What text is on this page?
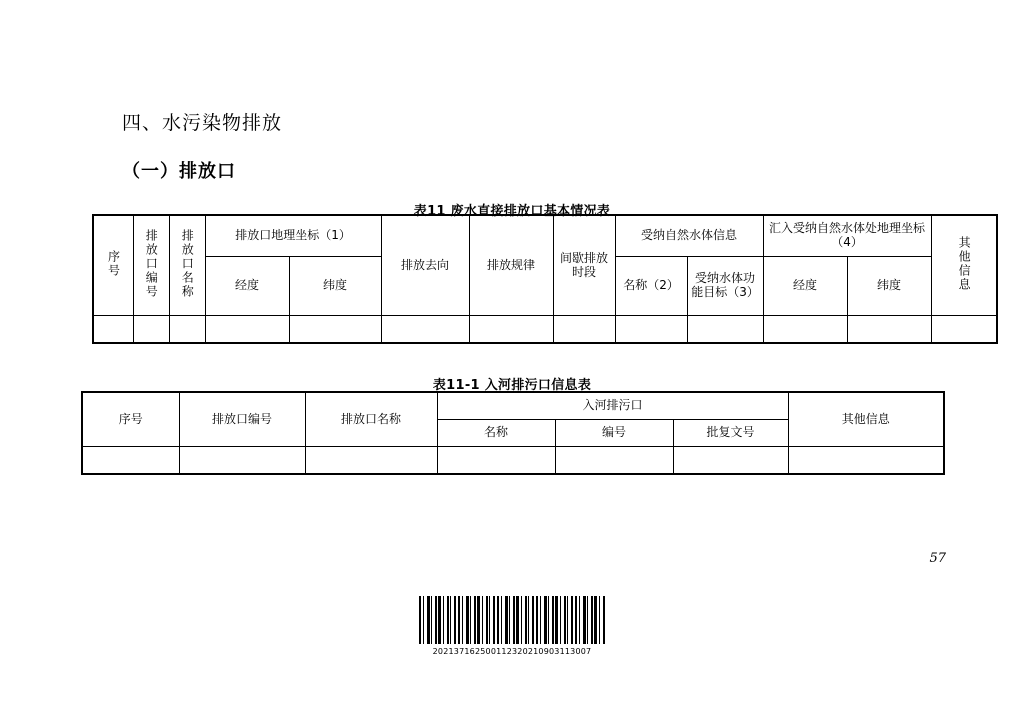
四、水污染物排放
（一）排放口
表11 废水直接排放口基本情况表
序号	排放口编号	排放口名称	排放口地理坐标（1）		排放去向	排放规律	间歇排放时段	受纳自然水体信息		汇入受纳自然水体处地理坐标（4）		其他信息
			经度	纬度				名称（2）	受纳水体功能目标（3）	经度	纬度	

表11-1 入河排污口信息表
序号	排放口编号	排放口名称	入河排污口			其他信息
			名称	编号	批复文号	

57
202137162500112320210903113007
